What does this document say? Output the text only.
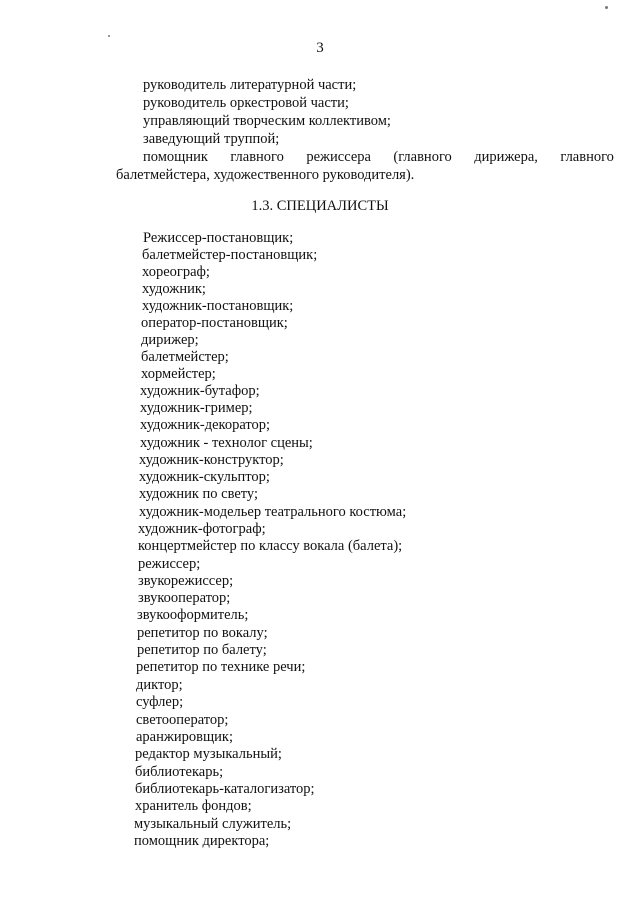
3
руководитель литературной части;
руководитель оркестровой части;
управляющий творческим коллективом;
заведующий труппой;
помощник главного режиссера (главного дирижера, главного
балетмейстера, художественного руководителя).
1.3. СПЕЦИАЛИСТЫ
Режиссер-постановщик;
балетмейстер-постановщик;
хореограф;
художник;
художник-постановщик;
оператор-постановщик;
дирижер;
балетмейстер;
хормейстер;
художник-бутафор;
художник-гример;
художник-декоратор;
художник - технолог сцены;
художник-конструктор;
художник-скульптор;
художник по свету;
художник-модельер театрального костюма;
художник-фотограф;
концертмейстер по классу вокала (балета);
режиссер;
звукорежиссер;
звукооператор;
звукооформитель;
репетитор по вокалу;
репетитор по балету;
репетитор по технике речи;
диктор;
суфлер;
светооператор;
аранжировщик;
редактор музыкальный;
библиотекарь;
библиотекарь-каталогизатор;
хранитель фондов;
музыкальный служитель;
помощник директора;
